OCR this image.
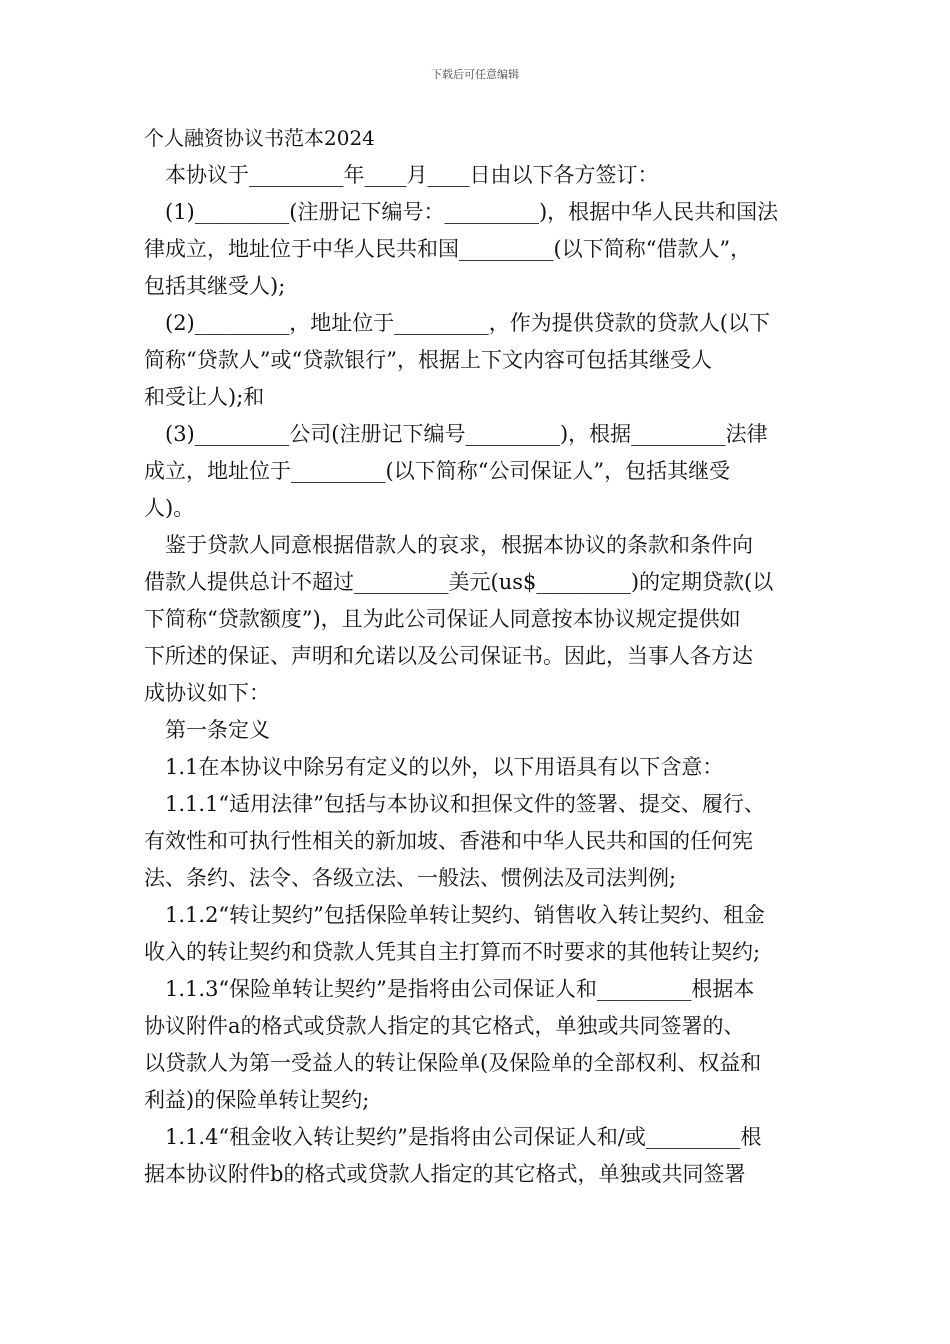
下载后可任意编辑
个人融资协议书范本2024
　本协议于_________年____月____日由以下各方签订：
　(1)_________(注册记下编号：_________)，根据中华人民共和国法
律成立，地址位于中华人民共和国_________(以下简称“借款人”，
包括其继受人);
　(2)_________，地址位于_________，作为提供贷款的贷款人(以下
简称“贷款人”或“贷款银行”，根据上下文内容可包括其继受人
和受让人);和
　(3)_________公司(注册记下编号_________)，根据_________法律
成立，地址位于_________(以下简称“公司保证人”，包括其继受
人)。
　鉴于贷款人同意根据借款人的哀求，根据本协议的条款和条件向
借款人提供总计不超过_________美元(us$_________)的定期贷款(以
下简称“贷款额度”)，且为此公司保证人同意按本协议规定提供如
下所述的保证、声明和允诺以及公司保证书。因此，当事人各方达
成协议如下：
　第一条定义
　1.1在本协议中除另有定义的以外，以下用语具有以下含意：
　1.1.1“适用法律”包括与本协议和担保文件的签署、提交、履行、
有效性和可执行性相关的新加坡、香港和中华人民共和国的任何宪
法、条约、法令、各级立法、一般法、惯例法及司法判例;
　1.1.2“转让契约”包括保险单转让契约、销售收入转让契约、租金
收入的转让契约和贷款人凭其自主打算而不时要求的其他转让契约;
　1.1.3“保险单转让契约”是指将由公司保证人和_________根据本
协议附件a的格式或贷款人指定的其它格式，单独或共同签署的、
以贷款人为第一受益人的转让保险单(及保险单的全部权利、权益和
利益)的保险单转让契约;
　1.1.4“租金收入转让契约”是指将由公司保证人和/或_________根
据本协议附件b的格式或贷款人指定的其它格式，单独或共同签署
